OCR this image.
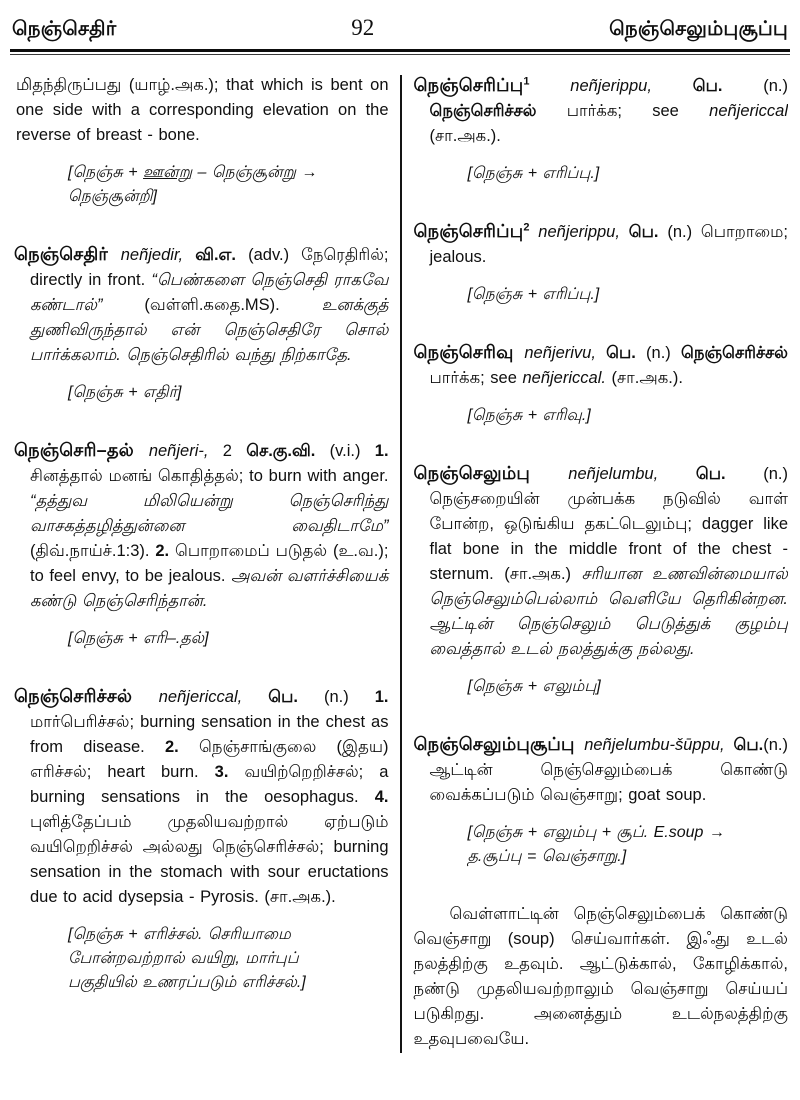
நெஞ்செதிர்	92	நெஞ்செலும்புசூப்பு

மிதந்திருப்பது (யாழ்.அக.); that which is bent on one side with a corresponding elevation on the reverse of breast - bone.

[நெஞ்சு + ஊன்று – நெஞ்சூன்று → நெஞ்சூன்றி]

நெஞ்செதிர் neñjedir, வி.எ. (adv.) நேரெதிரில்; directly in front. “பெண்களை நெஞ்செதி ராகவே கண்டால்” (வள்ளி.கதை.MS). உனக்குத் துணிவிருந்தால் என் நெஞ்செதிரே சொல் பார்க்கலாம். நெஞ்செதிரில் வந்து நிற்காதே.

[நெஞ்சு + எதிர்]

நெஞ்செரி–தல் neñjeri-, 2 செ.கு.வி. (v.i.) 1. சினத்தால் மனங் கொதித்தல்; to burn with anger. “தத்துவ மிலியென்று நெஞ்செரிந்து வாசகத்தழித்துன்னை வைதிடாமே” (திவ்.நாய்ச்.1:3). 2. பொறாமைப் படுதல் (உ.வ.); to feel envy, to be jealous. அவன் வளர்ச்சியைக் கண்டு நெஞ்செரிந்தான்.

[நெஞ்சு + எரி–.தல்]

நெஞ்செரிச்சல் neñjericcal, பெ. (n.) 1. மார்பெரிச்சல்; burning sensation in the chest as from disease. 2. நெஞ்சாங்குலை (இதய) எரிச்சல்; heart burn. 3. வயிற்றெறிச்சல்; a burning sensations in the oesophagus. 4. புளித்தேப்பம் முதலியவற்றால் ஏற்படும் வயிறெறிச்சல் அல்லது நெஞ்செரிச்சல்; burning sensation in the stomach with sour eructations due to acid dysepsia - Pyrosis. (சா.அக.).

[நெஞ்சு + எரிச்சல். செரியாமை போன்றவற்றால் வயிறு, மார்புப் பகுதியில் உணரப்படும் எரிச்சல்.]

நெஞ்செரிப்பு$^1$ neñjerippu, பெ. (n.) நெஞ்செரிச்சல் பார்க்க; see neñjericcal (சா.அக.).

[நெஞ்சு + எரிப்பு.]

நெஞ்செரிப்பு$^2$ neñjerippu, பெ. (n.) பொறாமை; jealous.

[நெஞ்சு + எரிப்பு.]

நெஞ்செரிவு neñjerivu, பெ. (n.) நெஞ்செரிச்சல் பார்க்க; see neñjericcal. (சா.அக.).

[நெஞ்சு + எரிவு.]

நெஞ்செலும்பு neñjelumbu, பெ. (n.) நெஞ்சறையின் முன்பக்க நடுவில் வாள் போன்ற, ஒடுங்கிய தகட்டெலும்பு; dagger like flat bone in the middle front of the chest - sternum. (சா.அக.) சரியான உணவின்மையால் நெஞ்செலும்பெல்லாம் வெளியே தெரிகின்றன. ஆட்டின் நெஞ்செலும் பெடுத்துக் குழம்பு வைத்தால் உடல் நலத்துக்கு நல்லது.

[நெஞ்சு + எலும்பு]

நெஞ்செலும்புசூப்பு neñjelumbu-šūppu, பெ.(n.) ஆட்டின் நெஞ்செலும்பைக் கொண்டு வைக்கப்படும் வெஞ்சாறு; goat soup.

[நெஞ்சு + எலும்பு + சூப். E.soup → த.சூப்பு = வெஞ்சாறு.]

வெள்ளாட்டின் நெஞ்செலும்பைக் கொண்டு வெஞ்சாறு (soup) செய்வார்கள். இஃது உடல் நலத்திற்கு உதவும். ஆட்டுக்கால், கோழிக்கால், நண்டு முதலியவற்றாலும் வெஞ்சாறு செய்யப் படுகிறது. அனைத்தும் உடல்நலத்திற்கு உதவுபவையே.
